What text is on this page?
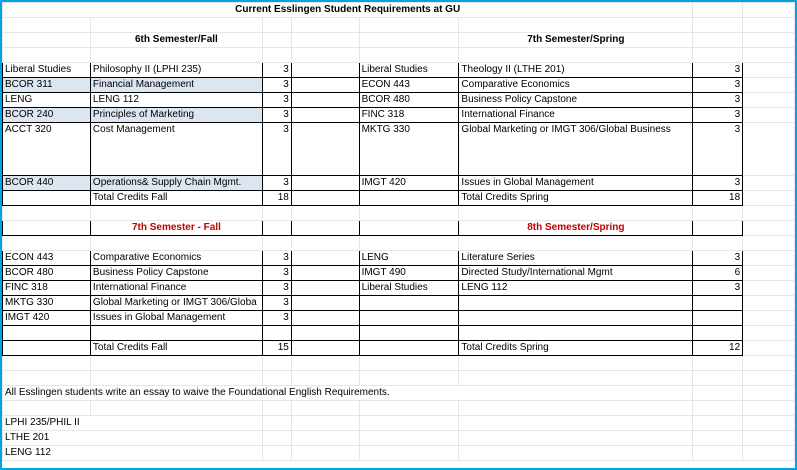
Current Esslingen Student Requirements at GU							

	6th Semester/Fall				7th Semester/Spring		

Liberal Studies	Philosophy II (LPHI 235)	3		Liberal Studies	Theology II (LTHE 201)	3	
BCOR 311	Financial Management	3		ECON 443	Comparative Economics	3	
LENG	LENG 112	3		BCOR 480	Business Policy Capstone	3	
BCOR 240	Principles of Marketing	3		FINC 318	International Finance	3	
ACCT 320	Cost Management	3		MKTG 330	Global Marketing or IMGT 306/Global Business	3	
BCOR 440	Operations& Supply Chain Mgmt.	3		IMGT 420	Issues in Global Management	3	
	Total Credits Fall	18			Total Credits Spring	18	

	7th Semester - Fall				8th Semester/Spring		

ECON 443	Comparative Economics	3		LENG	Literature Series	3	
BCOR 480	Business Policy Capstone	3		IMGT 490	Directed Study/International Mgmt	6	
FINC 318	International Finance	3		Liberal Studies	LENG 112	3	
MKTG 330	Global Marketing or IMGT 306/Globa	3					
IMGT 420	Issues in Global Management	3					

	Total Credits Fall	15			Total Credits Spring	12	

All Esslingen students write an essay to waive the Foundational English Requirements.							

LPHI 235/PHIL II							
LTHE 201							
LENG 112							
